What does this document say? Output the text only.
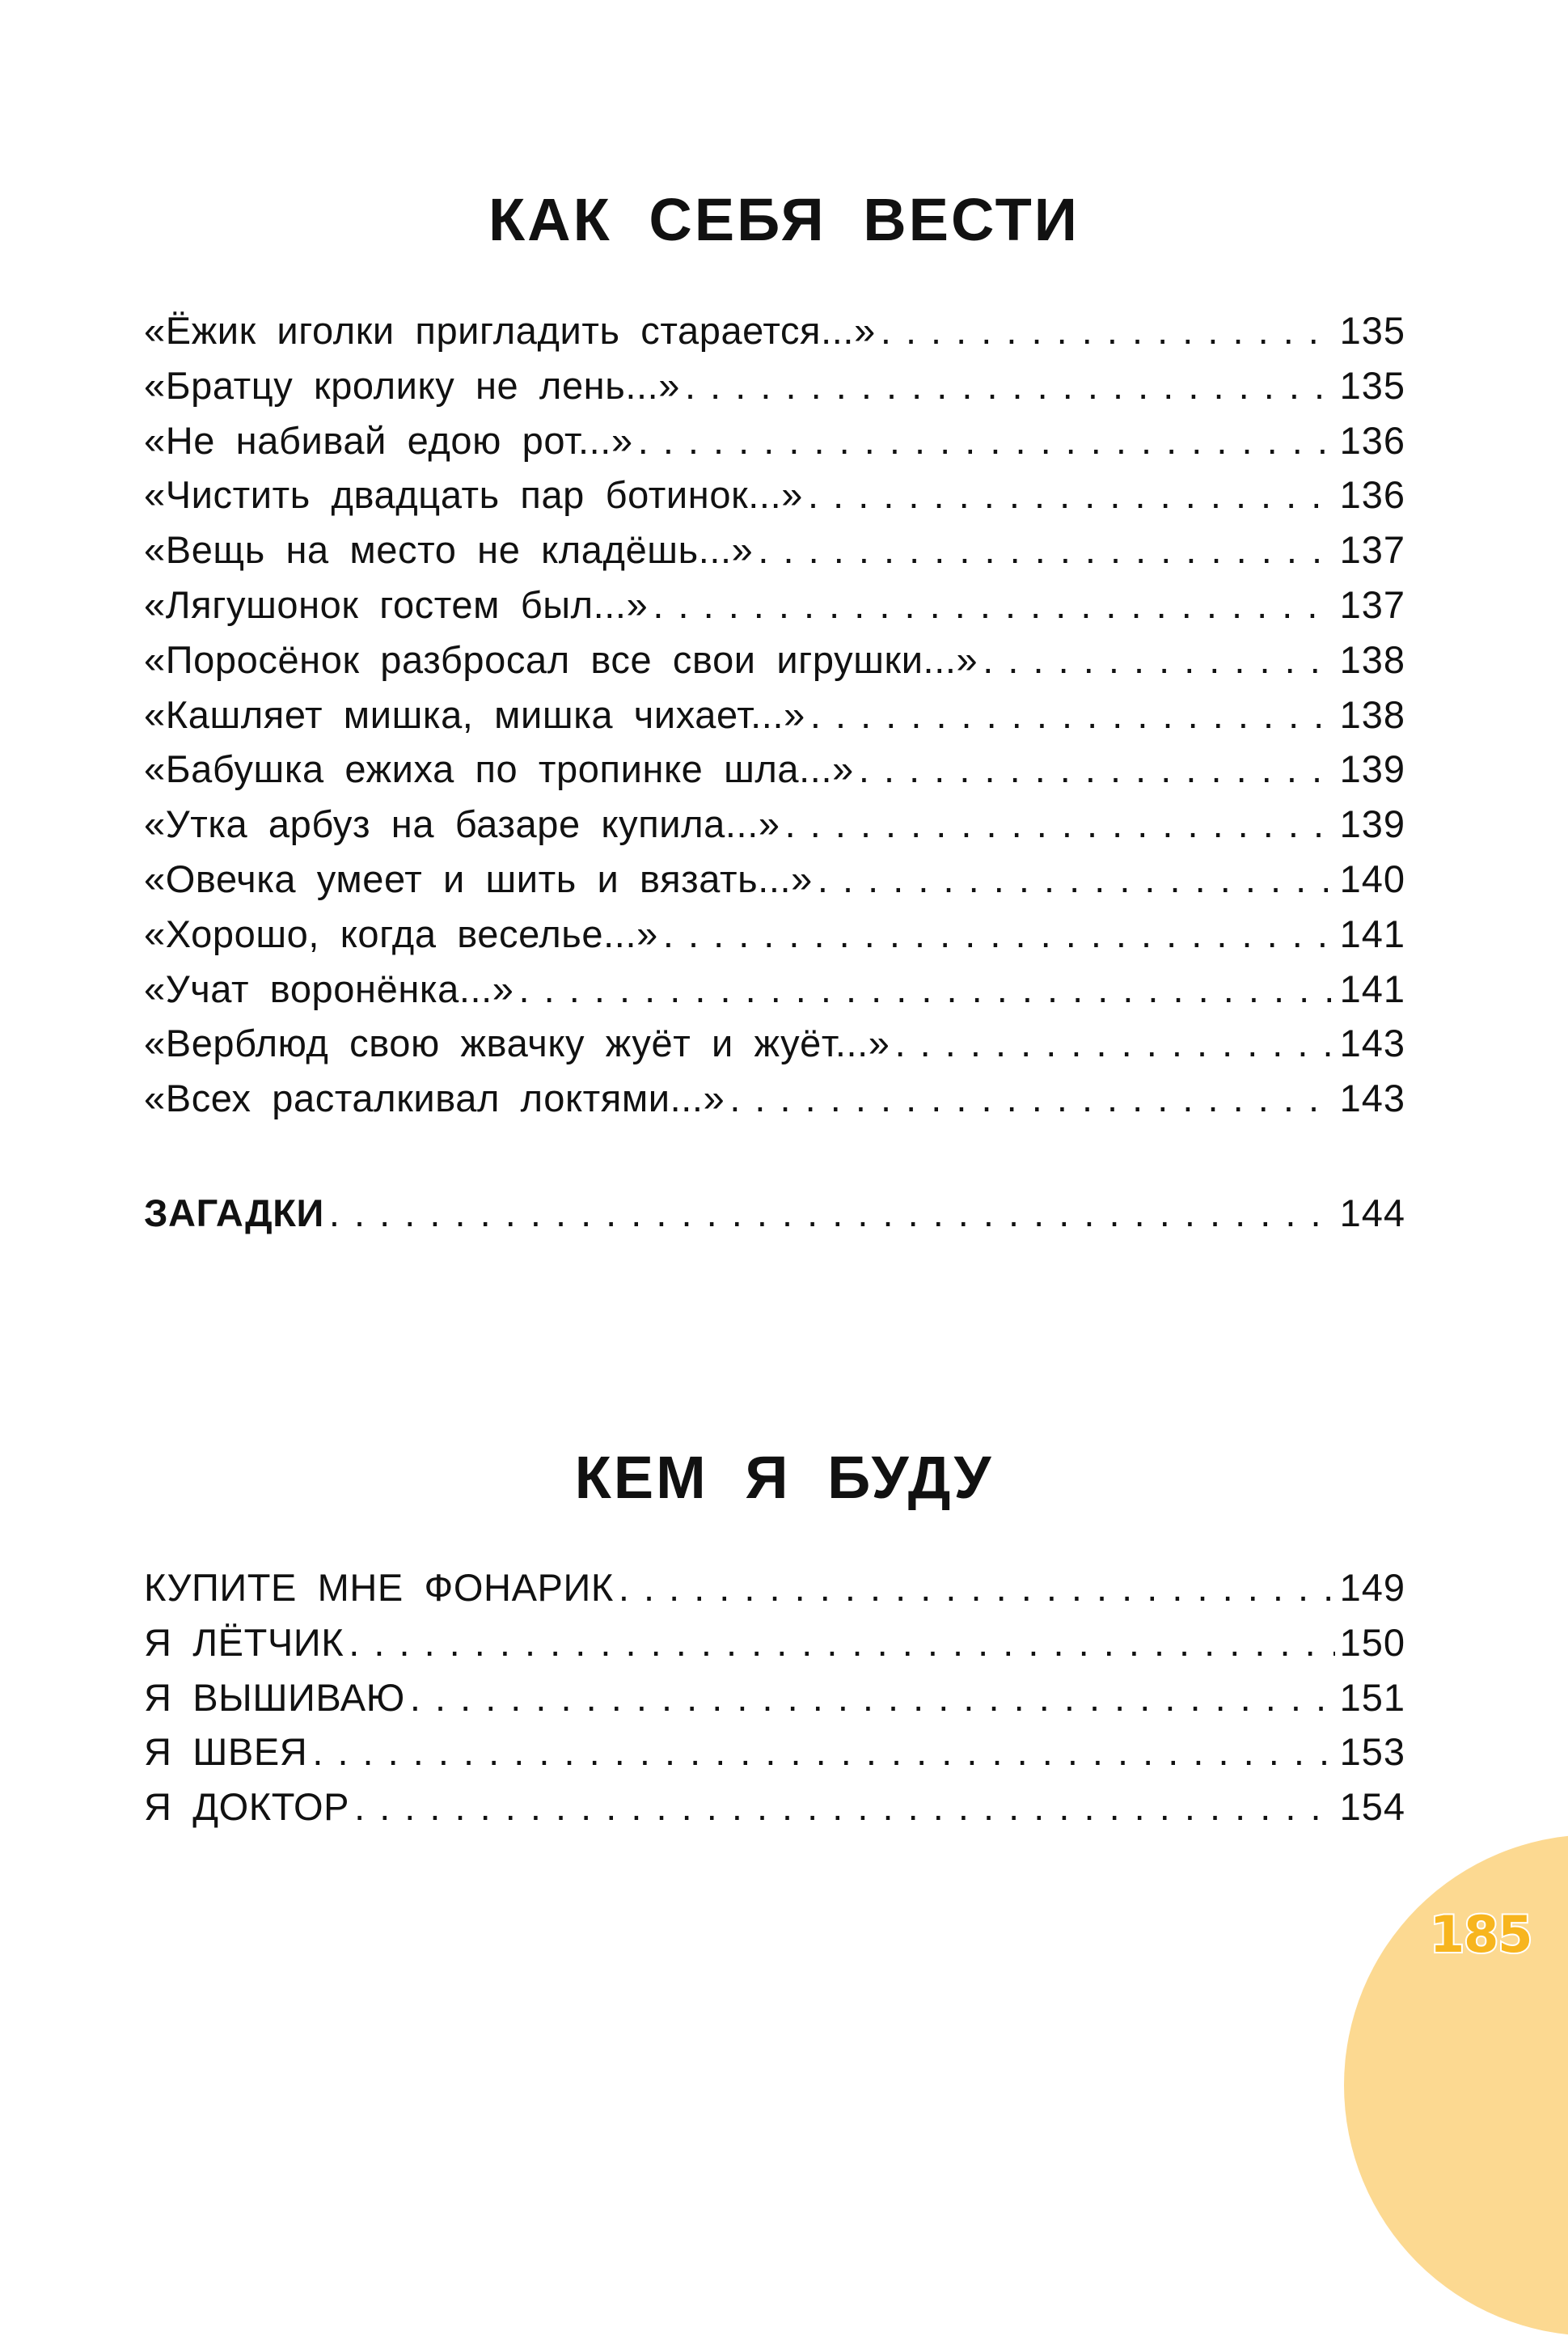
КАК СЕБЯ ВЕСТИ
«Ёжик иголки пригладить старается...» . . .	135
«Братцу кролику не лень...» . . .	135
«Не набивай едою рот...» . . .	136
«Чистить двадцать пар ботинок...» . . .	136
«Вещь на место не кладёшь...» . . .	137
«Лягушонок гостем был...» . . .	137
«Поросёнок разбросал все свои игрушки...» . . .	138
«Кашляет мишка, мишка чихает...» . . .	138
«Бабушка ежиха по тропинке шла...» . . .	139
«Утка арбуз на базаре купила...» . . .	139
«Овечка умеет и шить и вязать...» . . .	140
«Хорошо, когда веселье...» . . .	141
«Учат воронёнка...» . . .	141
«Верблюд свою жвачку жуёт и жуёт...» . . .	143
«Всех расталкивал локтями...» . . .	143
ЗАГАДКИ . . .	144
КЕМ Я БУДУ
КУПИТЕ МНЕ ФОНАРИК . . .	149
Я ЛЁТЧИК . . .	150
Я ВЫШИВАЮ . . .	151
Я ШВЕЯ . . .	153
Я ДОКТОР . . .	154
185
